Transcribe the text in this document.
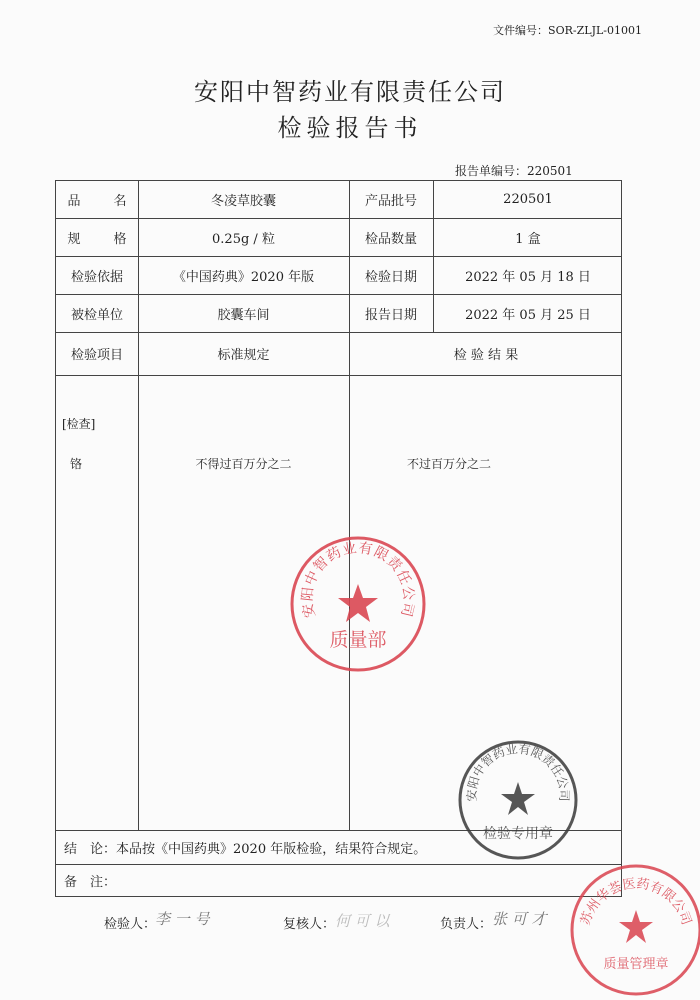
文件编号：SOR-ZLJL-01001
安阳中智药业有限责任公司
检验报告书
报告单编号：220501
品　名	冬凌草胶囊	产品批号	220501
规　格	0.25g / 粒	检品数量	1 盒
检验依据	《中国药典》2020 年版	检验日期	2022 年 05 月 18 日
被检单位	胶囊车间	报告日期	2022 年 05 月 25 日
检验项目	标准规定	检 验 结 果
[检查]
铬	不得过百万分之二	不过百万分之二
结　论：本品按《中国药典》2020 年版检验，结果符合规定。
备　注：
安阳中智药业有限责任公司
质量部
安阳中智药业有限责任公司
检验专用章
苏州华荟医药有限公司
质量管理章
检验人：
李 一 号	复核人： 何 可 以	负责人： 张 可 才
